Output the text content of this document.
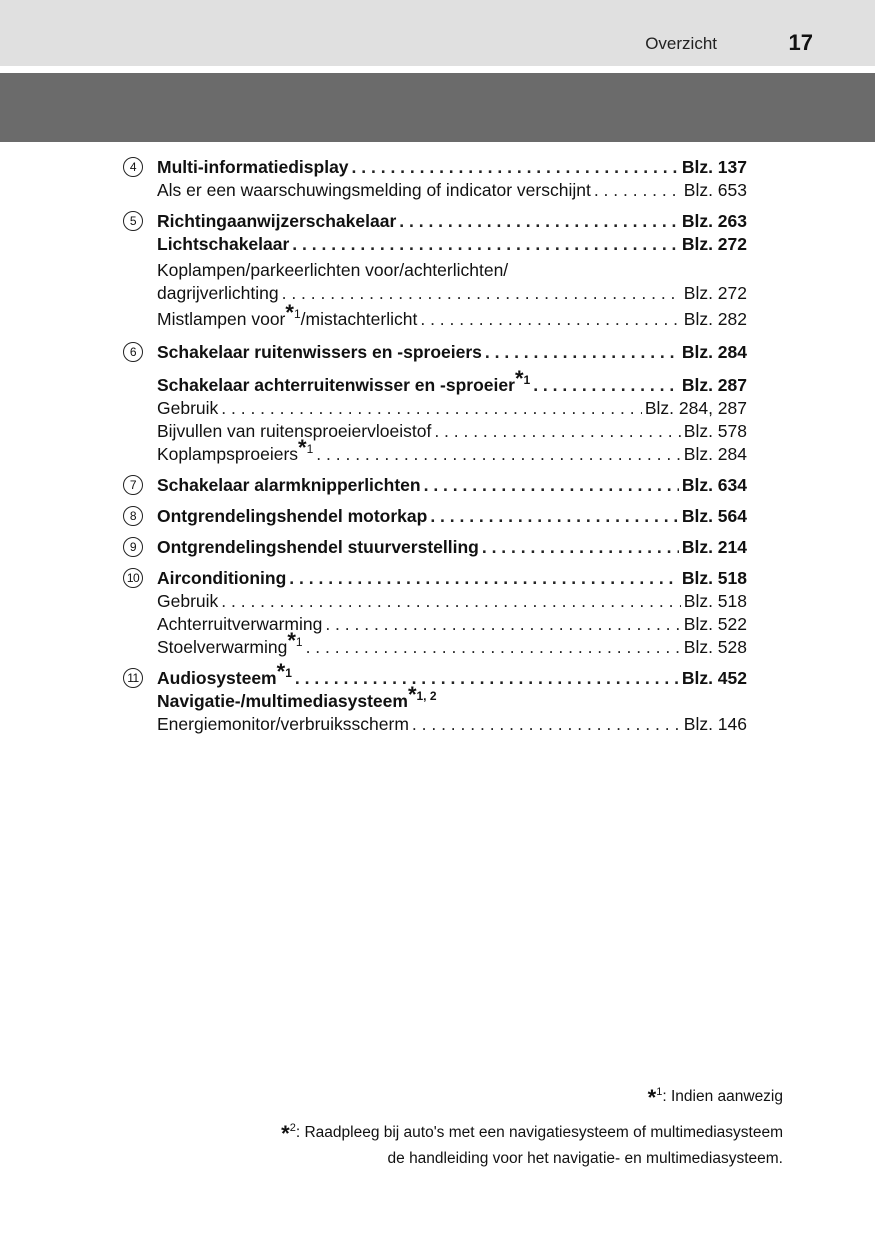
Overzicht	17
4	Multi-informatiedisplay . . .	Blz. 137
Als er een waarschuwingsmelding of indicator verschijnt . . .	Blz. 653
5	Richtingaanwijzerschakelaar . . .	Blz. 263
Lichtschakelaar . . .	Blz. 272
Koplampen/parkeerlichten voor/achterlichten/
dagrijverlichting . . .	Blz. 272
Mistlampen voor$^{*1}$/mistachterlicht . . .	Blz. 282
6	Schakelaar ruitenwissers en -sproeiers . . .	Blz. 284
Schakelaar achterruitenwisser en -sproeier$^{*1}$ . . .	Blz. 287
Gebruik . . .	Blz. 284, 287
Bijvullen van ruitensproeiervloeistof . . .	Blz. 578
Koplampsproeiers$^{*1}$ . . .	Blz. 284
7	Schakelaar alarmknipperlichten . . .	Blz. 634
8	Ontgrendelingshendel motorkap . . .	Blz. 564
9	Ontgrendelingshendel stuurverstelling . . .	Blz. 214
10 Airconditioning . . .	Blz. 518
Gebruik . . .	Blz. 518
Achterruitverwarming . . .	Blz. 522
Stoelverwarming$^{*1}$ . . .	Blz. 528
11 Audiosysteem$^{*1}$ . . .	Blz. 452
Navigatie-/multimediasysteem$^{*1, 2}$
Energiemonitor/verbruiksscherm . . .	Blz. 146
*$^1$: Indien aanwezig
*$^2$: Raadpleeg bij auto's met een navigatiesysteem of multimediasysteem
de handleiding voor het navigatie- en multimediasysteem.
